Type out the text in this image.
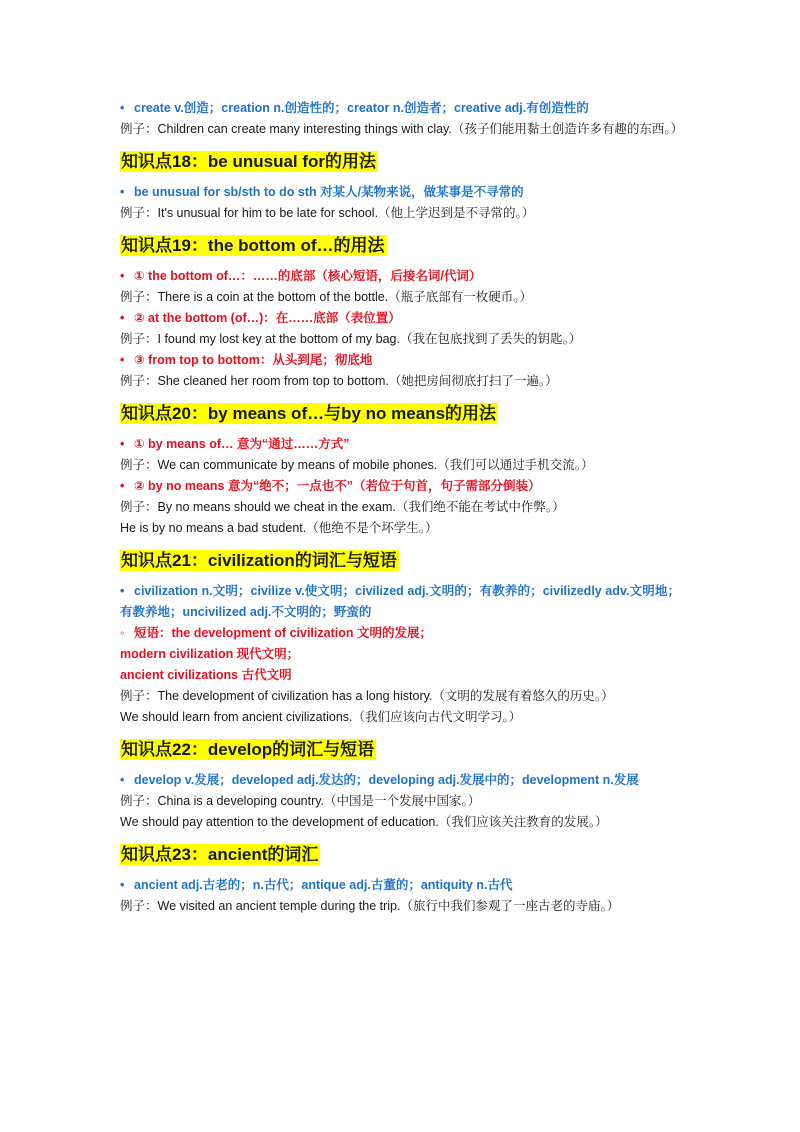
• create v.创造；creation n.创造性的；creator n.创造者；creative adj.有创造性的

例子：Children can create many interesting things with clay.（孩子们能用黏土创造许多有趣的东西。）

知识点18：be unusual for的用法

• be unusual for sb/sth to do sth 对某人/某物来说，做某事是不寻常的

例子：It's unusual for him to be late for school.（他上学迟到是不寻常的。）

知识点19：the bottom of…的用法

• ① the bottom of…：……的底部（核心短语，后接名词/代词）

例子：There is a coin at the bottom of the bottle.（瓶子底部有一枚硬币。）

• ② at the bottom (of…)：在……底部（表位置）

例子：I found my lost key at the bottom of my bag.（我在包底找到了丢失的钥匙。）

• ③ from top to bottom：从头到尾；彻底地

例子：She cleaned her room from top to bottom.（她把房间彻底打扫了一遍。）

知识点20：by means of…与by no means的用法

• ① by means of… 意为“通过……方式”

例子：We can communicate by means of mobile phones.（我们可以通过手机交流。）

• ② by no means 意为“绝不；一点也不”（若位于句首，句子需部分倒装）

例子：By no means should we cheat in the exam.（我们绝不能在考试中作弊。）

He is by no means a bad student.（他绝不是个坏学生。）

知识点21：civilization的词汇与短语

• civilization n.文明；civilize v.使文明；civilized adj.文明的；有教养的；civilizedly adv.文明地；有教养地；uncivilized adj.不文明的；野蛮的

◦ 短语：the development of civilization 文明的发展；

modern civilization 现代文明；

ancient civilizations 古代文明

例子：The development of civilization has a long history.（文明的发展有着悠久的历史。）

We should learn from ancient civilizations.（我们应该向古代文明学习。）

知识点22：develop的词汇与短语

• develop v.发展；developed adj.发达的；developing adj.发展中的；development n.发展

例子：China is a developing country.（中国是一个发展中国家。）

We should pay attention to the development of education.（我们应该关注教育的发展。）

知识点23：ancient的词汇

• ancient adj.古老的；n.古代；antique adj.古董的；antiquity n.古代

例子：We visited an ancient temple during the trip.（旅行中我们参观了一座古老的寺庙。）
